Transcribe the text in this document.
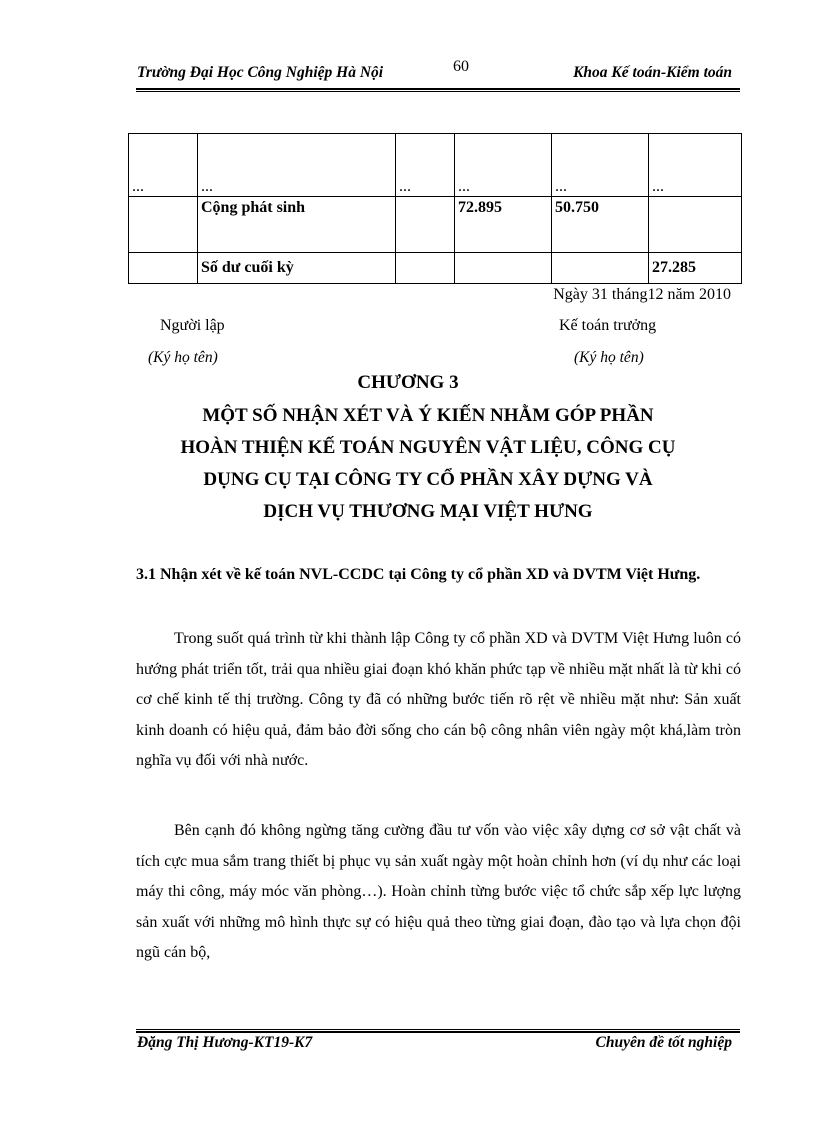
Trường Đại Học Công Nghiệp Hà Nội	60	Khoa Kế toán-Kiểm toán
...	...	...	...	...	...
	Cộng phát sinh		72.895	50.750	
	Số dư cuối kỳ				27.285
Ngày 31 tháng12 năm 2010
Người lập	Kế toán trưởng
(Ký họ tên)	(Ký họ tên)
CHƯƠNG 3
MỘT SỐ NHẬN XÉT VÀ Ý KIẾN NHẰM GÓP PHẦN
HOÀN THIỆN KẾ TOÁN NGUYÊN VẬT LIỆU, CÔNG CỤ
DỤNG CỤ TẠI CÔNG TY CỔ PHẦN XÂY DỰNG VÀ
DỊCH VỤ THƯƠNG MẠI VIỆT HƯNG
3.1 Nhận xét về kế toán NVL-CCDC tại Công ty cổ phần XD và DVTM Việt Hưng.
Trong suốt quá trình từ khi thành lập Công ty cổ phần XD và DVTM Việt Hưng luôn có hướng phát triển tốt, trải qua nhiều giai đoạn khó khăn phức tạp về nhiều mặt nhất là từ khi có cơ chế kinh tế thị trường. Công ty đã có những bước tiến rõ rệt về nhiều mặt như: Sản xuất kinh doanh có hiệu quả, đảm bảo đời sống cho cán bộ công nhân viên ngày một khá,làm tròn nghĩa vụ đối với nhà nước.
Bên cạnh đó không ngừng tăng cường đầu tư vốn vào việc xây dựng cơ sở vật chất và tích cực mua sắm trang thiết bị phục vụ sản xuất ngày một hoàn chỉnh hơn (ví dụ như các loại máy thi công, máy móc văn phòng…). Hoàn chỉnh từng bước việc tổ chức sắp xếp lực lượng sản xuất với những mô hình thực sự có hiệu quả theo từng giai đoạn, đào tạo và lựa chọn đội ngũ cán bộ,
Đặng Thị Hương-KT19-K7	Chuyên đề tốt nghiệp
